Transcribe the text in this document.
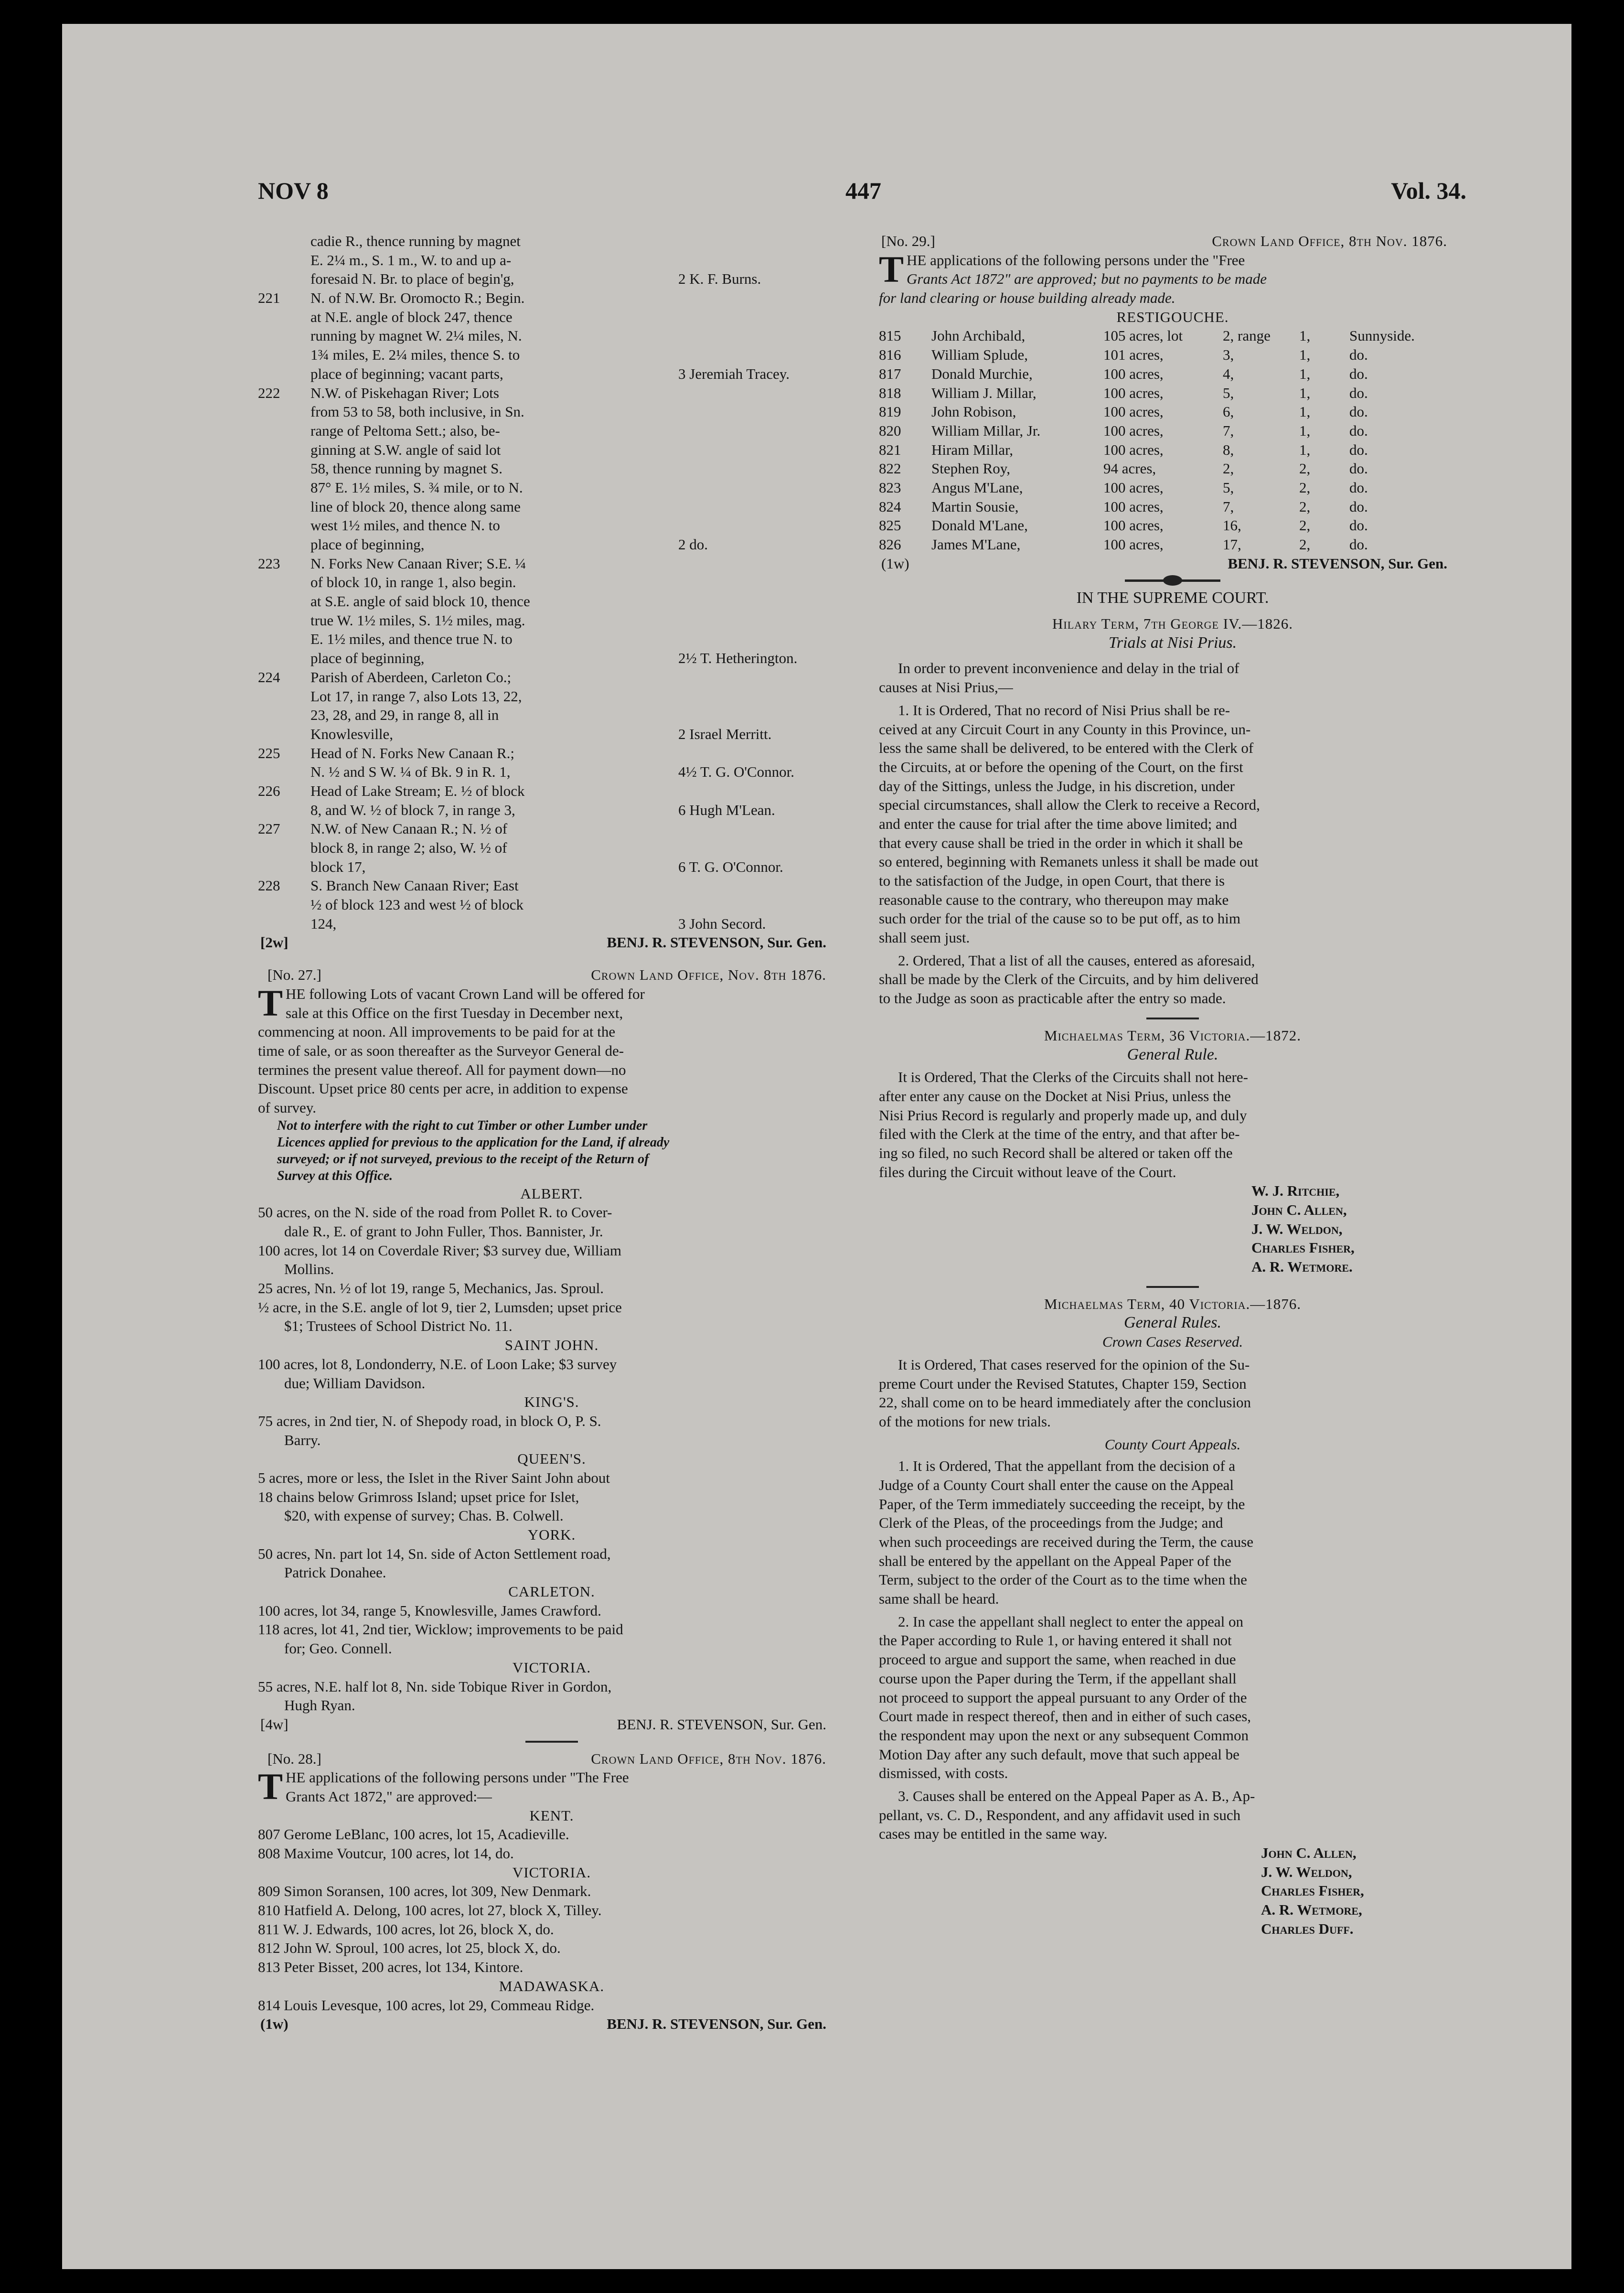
NOV 8	447	Vol. 34.
cadie R., thence running by magnet
E. 2¼ m., S. 1 m., W. to and up a-
foresaid N. Br. to place of begin'g,	2 K. F. Burns.
221 N. of N.W. Br. Oromocto R.; Begin.
at N.E. angle of block 247, thence
running by magnet W. 2¼ miles, N.
1¾ miles, E. 2¼ miles, thence S. to
place of beginning; vacant parts,	3 Jeremiah Tracey.
222 N.W. of Piskehagan River; Lots
from 53 to 58, both inclusive, in Sn.
range of Peltoma Sett.; also, be-
ginning at S.W. angle of said lot
58, thence running by magnet S.
87° E. 1½ miles, S. ¾ mile, or to N.
line of block 20, thence along same
west 1½ miles, and thence N. to
place of beginning,	2 do.
223 N. Forks New Canaan River; S.E. ¼
of block 10, in range 1, also begin.
at S.E. angle of said block 10, thence
true W. 1½ miles, S. 1½ miles, mag.
E. 1½ miles, and thence true N. to
place of beginning,	2½ T. Hetherington.
224 Parish of Aberdeen, Carleton Co.;
Lot 17, in range 7, also Lots 13, 22,
23, 28, and 29, in range 8, all in
Knowlesville,	2 Israel Merritt.
225 Head of N. Forks New Canaan R.;
N. ½ and S W. ¼ of Bk. 9 in R. 1,	4½ T. G. O'Connor.
226 Head of Lake Stream; E. ½ of block
8, and W. ½ of block 7, in range 3,	6 Hugh M'Lean.
227 N.W. of New Canaan R.; N. ½ of
block 8, in range 2; also, W. ½ of
block 17,	6 T. G. O'Connor.
228 S. Branch New Canaan River; East
½ of block 123 and west ½ of block
124,	3 John Secord.
[2w]	BENJ. R. STEVENSON, Sur. Gen.
[No. 27.]	Crown Land Office, Nov. 8th 1876.
T HE following Lots of vacant Crown Land will be offered for
sale at this Office on the first Tuesday in December next,
commencing at noon. All improvements to be paid for at the
time of sale, or as soon thereafter as the Surveyor General de-
termines the present value thereof. All for payment down—no
Discount. Upset price 80 cents per acre, in addition to expense
of survey.
Not to interfere with the right to cut Timber or other Lumber under
Licences applied for previous to the application for the Land, if already
surveyed; or if not surveyed, previous to the receipt of the Return of
Survey at this Office.
ALBERT.
50 acres, on the N. side of the road from Pollet R. to Cover-
dale R., E. of grant to John Fuller, Thos. Bannister, Jr.
100 acres, lot 14 on Coverdale River; $3 survey due, William
Mollins.
25 acres, Nn. ½ of lot 19, range 5, Mechanics, Jas. Sproul.
½ acre, in the S.E. angle of lot 9, tier 2, Lumsden; upset price
$1; Trustees of School District No. 11.
SAINT JOHN.
100 acres, lot 8, Londonderry, N.E. of Loon Lake; $3 survey
due; William Davidson.
KING'S.
75 acres, in 2nd tier, N. of Shepody road, in block O, P. S.
Barry.
QUEEN'S.
5 acres, more or less, the Islet in the River Saint John about
18 chains below Grimross Island; upset price for Islet,
$20, with expense of survey; Chas. B. Colwell.
YORK.
50 acres, Nn. part lot 14, Sn. side of Acton Settlement road,
Patrick Donahee.
CARLETON.
100 acres, lot 34, range 5, Knowlesville, James Crawford.
118 acres, lot 41, 2nd tier, Wicklow; improvements to be paid
for; Geo. Connell.
VICTORIA.
55 acres, N.E. half lot 8, Nn. side Tobique River in Gordon,
Hugh Ryan.
[4w]	BENJ. R. STEVENSON, Sur. Gen.
[No. 28.]	Crown Land Office, 8th Nov. 1876.
T HE applications of the following persons under "The Free
Grants Act 1872," are approved:—
KENT.
807 Gerome LeBlanc, 100 acres, lot 15, Acadieville.
808 Maxime Voutcur, 100 acres, lot 14, do.
VICTORIA.
809 Simon Soransen, 100 acres, lot 309, New Denmark.
810 Hatfield A. Delong, 100 acres, lot 27, block X, Tilley.
811 W. J. Edwards, 100 acres, lot 26, block X, do.
812 John W. Sproul, 100 acres, lot 25, block X, do.
813 Peter Bisset, 200 acres, lot 134, Kintore.
MADAWASKA.
814 Louis Levesque, 100 acres, lot 29, Commeau Ridge.
(1w)	BENJ. R. STEVENSON, Sur. Gen.
[No. 29.]	Crown Land Office, 8th Nov. 1876.
T HE applications of the following persons under the "Free
Grants Act 1872" are approved; but no payments to be made
for land clearing or house building already made.
RESTIGOUCHE.
815 John Archibald,	105 acres, lot	2, range 1,	Sunnyside.
816 William Splude,	101 acres,	3,	1,	do.
817 Donald Murchie,	100 acres,	4,	1,	do.
818 William J. Millar,	100 acres,	5,	1,	do.
819 John Robison,	100 acres,	6,	1,	do.
820 William Millar, Jr.	100 acres,	7,	1,	do.
821 Hiram Millar,	100 acres,	8,	1,	do.
822 Stephen Roy,	94 acres,	2,	2,	do.
823 Angus M'Lane,	100 acres,	5,	2,	do.
824 Martin Sousie,	100 acres,	7,	2,	do.
825 Donald M'Lane,	100 acres,	16,	2,	do.
826 James M'Lane,	100 acres,	17,	2,	do.
(1w)	BENJ. R. STEVENSON, Sur. Gen.
IN THE SUPREME COURT.
Hilary Term, 7th George IV.—1826.
Trials at Nisi Prius.
In order to prevent inconvenience and delay in the trial of
causes at Nisi Prius,—
1. It is Ordered, That no record of Nisi Prius shall be re-
ceived at any Circuit Court in any County in this Province, un-
less the same shall be delivered, to be entered with the Clerk of
the Circuits, at or before the opening of the Court, on the first
day of the Sittings, unless the Judge, in his discretion, under
special circumstances, shall allow the Clerk to receive a Record,
and enter the cause for trial after the time above limited; and
that every cause shall be tried in the order in which it shall be
so entered, beginning with Remanets unless it shall be made out
to the satisfaction of the Judge, in open Court, that there is
reasonable cause to the contrary, who thereupon may make
such order for the trial of the cause so to be put off, as to him
shall seem just.
2. Ordered, That a list of all the causes, entered as aforesaid,
shall be made by the Clerk of the Circuits, and by him delivered
to the Judge as soon as practicable after the entry so made.
Michaelmas Term, 36 Victoria.—1872.
General Rule.
It is Ordered, That the Clerks of the Circuits shall not here-
after enter any cause on the Docket at Nisi Prius, unless the
Nisi Prius Record is regularly and properly made up, and duly
filed with the Clerk at the time of the entry, and that after be-
ing so filed, no such Record shall be altered or taken off the
files during the Circuit without leave of the Court.
W. J. Ritchie,
John C. Allen,
J. W. Weldon,
Charles Fisher,
A. R. Wetmore.
Michaelmas Term, 40 Victoria.—1876.
General Rules.
Crown Cases Reserved.
It is Ordered, That cases reserved for the opinion of the Su-
preme Court under the Revised Statutes, Chapter 159, Section
22, shall come on to be heard immediately after the conclusion
of the motions for new trials.
County Court Appeals.
1. It is Ordered, That the appellant from the decision of a
Judge of a County Court shall enter the cause on the Appeal
Paper, of the Term immediately succeeding the receipt, by the
Clerk of the Pleas, of the proceedings from the Judge; and
when such proceedings are received during the Term, the cause
shall be entered by the appellant on the Appeal Paper of the
Term, subject to the order of the Court as to the time when the
same shall be heard.
2. In case the appellant shall neglect to enter the appeal on
the Paper according to Rule 1, or having entered it shall not
proceed to argue and support the same, when reached in due
course upon the Paper during the Term, if the appellant shall
not proceed to support the appeal pursuant to any Order of the
Court made in respect thereof, then and in either of such cases,
the respondent may upon the next or any subsequent Common
Motion Day after any such default, move that such appeal be
dismissed, with costs.
3. Causes shall be entered on the Appeal Paper as A. B., Ap-
pellant, vs. C. D., Respondent, and any affidavit used in such
cases may be entitled in the same way.
John C. Allen,
J. W. Weldon,
Charles Fisher,
A. R. Wetmore,
Charles Duff.
